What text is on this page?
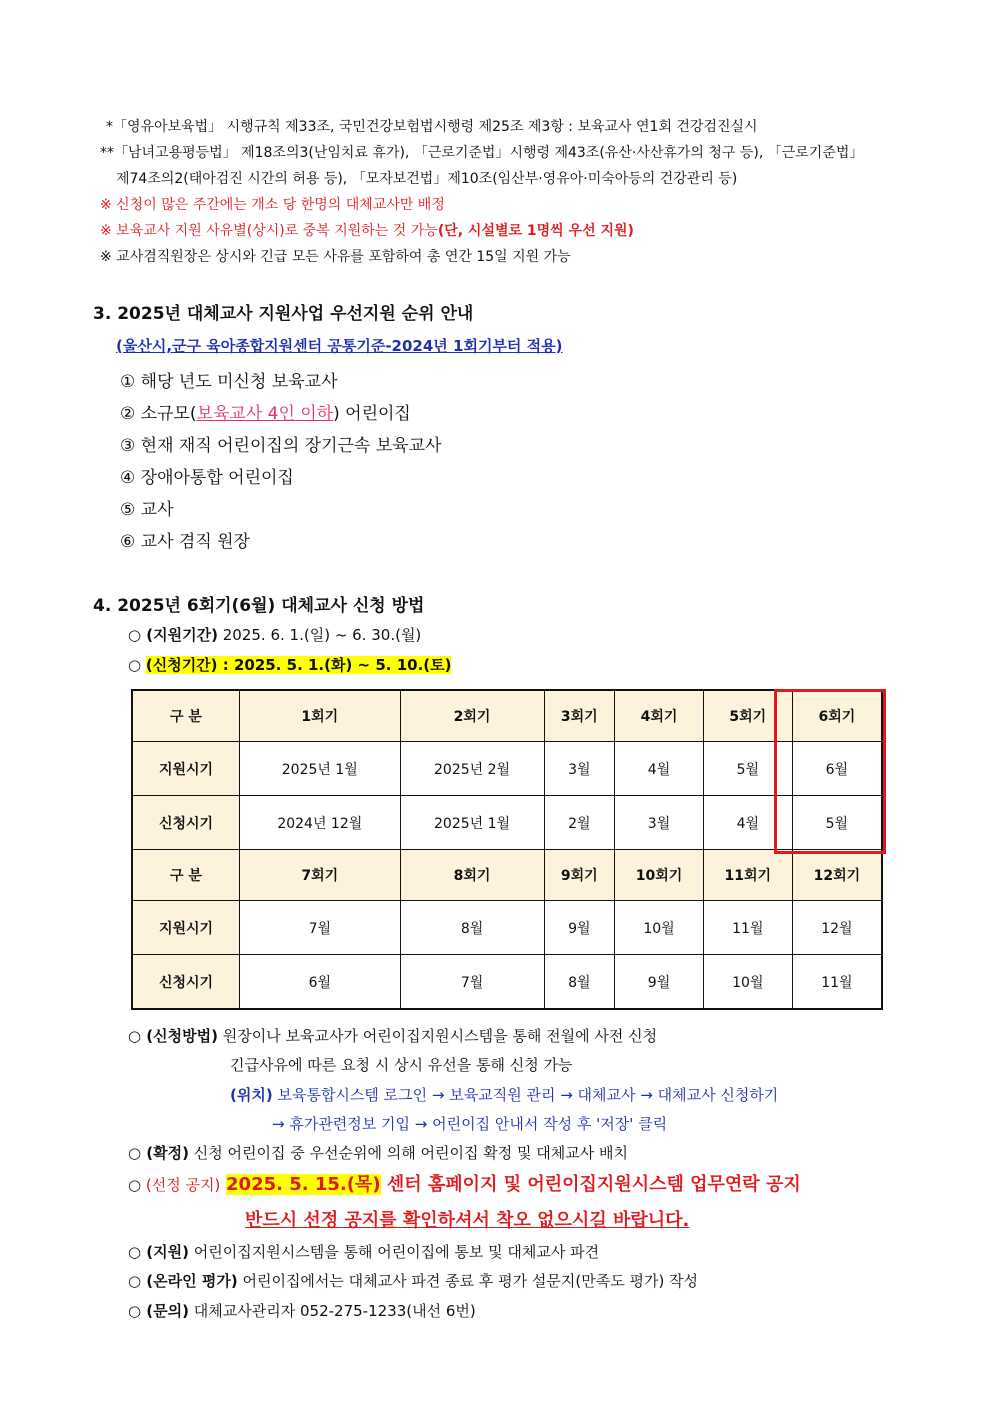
*「영유아보육법」 시행규칙 제33조, 국민건강보험법시행령 제25조 제3항 : 보육교사 연1회 건강검진실시
**「남녀고용평등법」 제18조의3(난임치료 휴가), 「근로기준법」시행령 제43조(유산·사산휴가의 청구 등), 「근로기준법」
제74조의2(태아검진 시간의 허용 등), 「모자보건법」제10조(임산부·영유아·미숙아등의 건강관리 등)
※ 신청이 많은 주간에는 개소 당 한명의 대체교사만 배정
※ 보육교사 지원 사유별(상시)로 중복 지원하는 것 가능(단, 시설별로 1명씩 우선 지원)
※ 교사겸직원장은 상시와 긴급 모든 사유를 포함하여 총 연간 15일 지원 가능
3. 2025년 대체교사 지원사업 우선지원 순위 안내
(울산시,군구 육아종합지원센터 공통기준-2024년 1회기부터 적용)
① 해당 년도 미신청 보육교사
② 소규모(보육교사 4인 이하) 어린이집
③ 현재 재직 어린이집의 장기근속 보육교사
④ 장애아통합 어린이집
⑤ 교사
⑥ 교사 겸직 원장
4. 2025년 6회기(6월) 대체교사 신청 방법
○ (지원기간) 2025. 6. 1.(일) ~ 6. 30.(월)
○ (신청기간) : 2025. 5. 1.(화) ~ 5. 10.(토)
구 분	1회기	2회기	3회기	4회기	5회기	6회기
지원시기	2025년 1월	2025년 2월	3월	4월	5월	6월
신청시기	2024년 12월	2025년 1월	2월	3월	4월	5월
구 분	7회기	8회기	9회기	10회기	11회기	12회기
지원시기	7월	8월	9월	10월	11월	12월
신청시기	6월	7월	8월	9월	10월	11월
○ (신청방법) 원장이나 보육교사가 어린이집지원시스템을 통해 전월에 사전 신청
긴급사유에 따른 요청 시 상시 유선을 통해 신청 가능
(위치) 보육통합시스템 로그인 → 보육교직원 관리 → 대체교사 → 대체교사 신청하기
→ 휴가관련정보 기입 → 어린이집 안내서 작성 후 '저장' 클릭
○ (확정) 신청 어린이집 중 우선순위에 의해 어린이집 확정 및 대체교사 배치
○ (선정 공지) 2025. 5. 15.(목) 센터 홈페이지 및 어린이집지원시스템 업무연락 공지
반드시 선정 공지를 확인하셔서 착오 없으시길 바랍니다.
○ (지원) 어린이집지원시스템을 통해 어린이집에 통보 및 대체교사 파견
○ (온라인 평가) 어린이집에서는 대체교사 파견 종료 후 평가 설문지(만족도 평가) 작성
○ (문의) 대체교사관리자 052-275-1233(내선 6번)
